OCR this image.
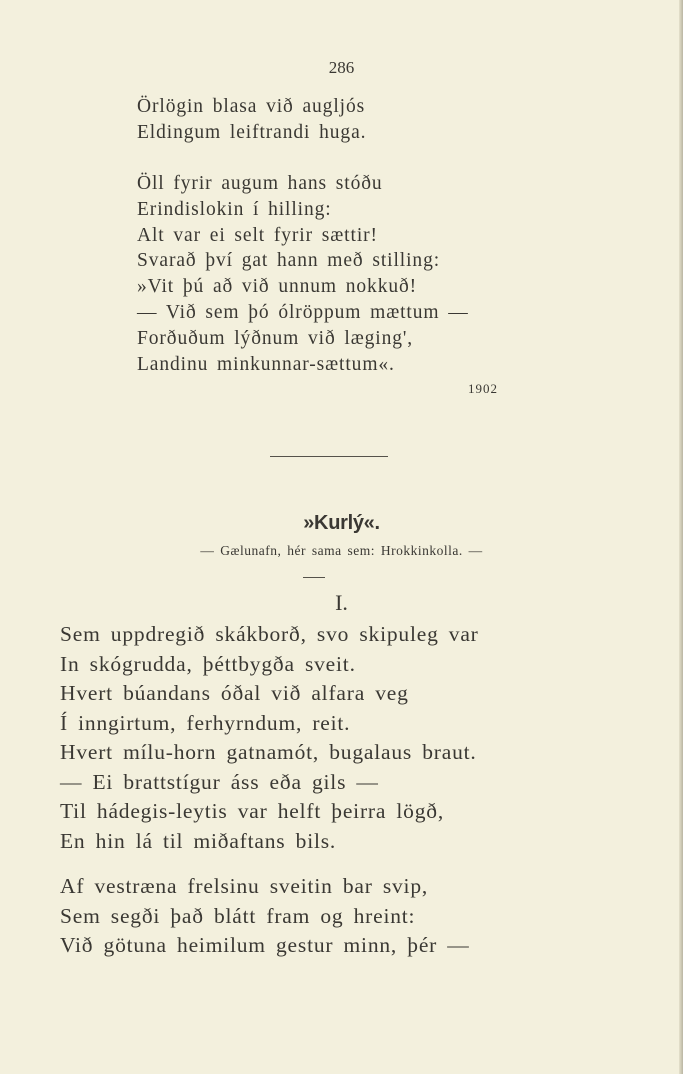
286
Örlögin blasa við augljós
Eldingum leiftrandi huga.
Öll fyrir augum hans stóðu
Erindislokin í hilling:
Alt var ei selt fyrir sættir!
Svarað því gat hann með stilling:
»Vit þú að við unnum nokkuð!
— Við sem þó ólröppum mættum —
Forðuðum lýðnum við læging',
Landinu minkunnar-sættum«.
1902
»Kurlý«.
— Gælunafn, hér sama sem: Hrokkinkolla. —
I.
Sem uppdregið skákborð, svo skipuleg var
In skógrudda, þéttbygða sveit.
Hvert búandans óðal við alfara veg
Í inngirtum, ferhyrndum, reit.
Hvert mílu-horn gatnamót, bugalaus braut.
— Ei brattstígur áss eða gils —
Til hádegis-leytis var helft þeirra lögð,
En hin lá til miðaftans bils.
Af vestræna frelsinu sveitin bar svip,
Sem segði það blátt fram og hreint:
Við götuna heimilum gestur minn, þér —
